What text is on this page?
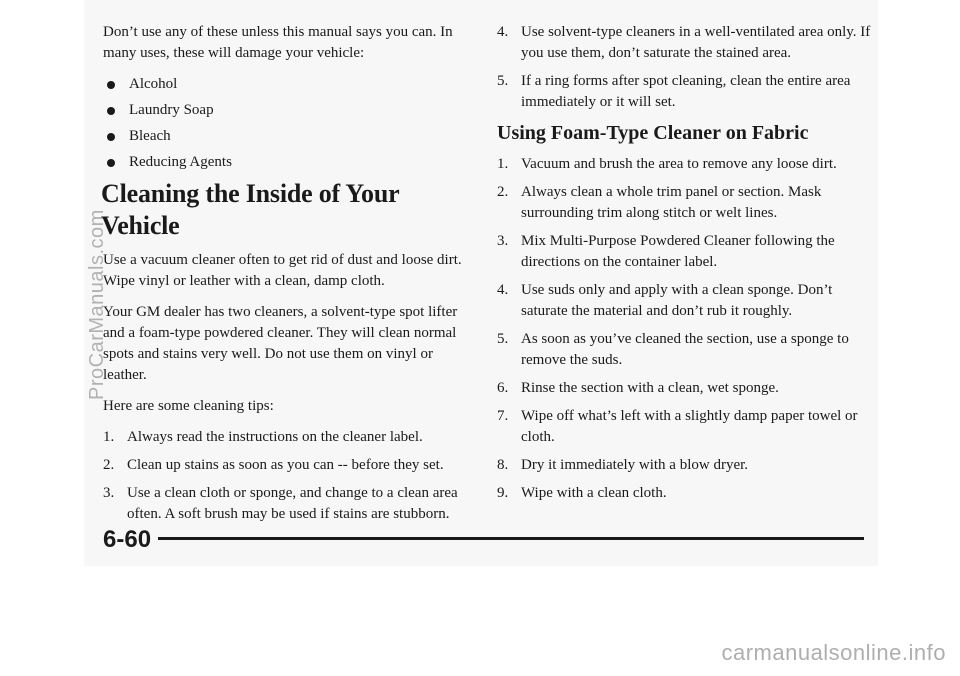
Don’t use any of these unless this manual says you can. In many uses, these will damage your vehicle:

Alcohol
Laundry Soap
Bleach
Reducing Agents
Cleaning the Inside of Your Vehicle

Use a vacuum cleaner often to get rid of dust and loose dirt. Wipe vinyl or leather with a clean, damp cloth.

Your GM dealer has two cleaners, a solvent-type spot lifter and a foam-type powdered cleaner. They will clean normal spots and stains very well. Do not use them on vinyl or leather.

Here are some cleaning tips:

1. Always read the instructions on the cleaner label.
2. Clean up stains as soon as you can -- before they set.
3. Use a clean cloth or sponge, and change to a clean area often. A soft brush may be used if stains are stubborn.
4. Use solvent-type cleaners in a well-ventilated area only. If you use them, don’t saturate the stained area.
5. If a ring forms after spot cleaning, clean the entire area immediately or it will set.
Using Foam-Type Cleaner on Fabric
1. Vacuum and brush the area to remove any loose dirt.
2. Always clean a whole trim panel or section. Mask surrounding trim along stitch or welt lines.
3. Mix Multi-Purpose Powdered Cleaner following the directions on the container label.
4. Use suds only and apply with a clean sponge. Don’t saturate the material and don’t rub it roughly.
5. As soon as you’ve cleaned the section, use a sponge to remove the suds.
6. Rinse the section with a clean, wet sponge.
7. Wipe off what’s left with a slightly damp paper towel or cloth.
8. Dry it immediately with a blow dryer.
9. Wipe with a clean cloth.
6-60
ProCarManuals.com
carmanualsonline.info
